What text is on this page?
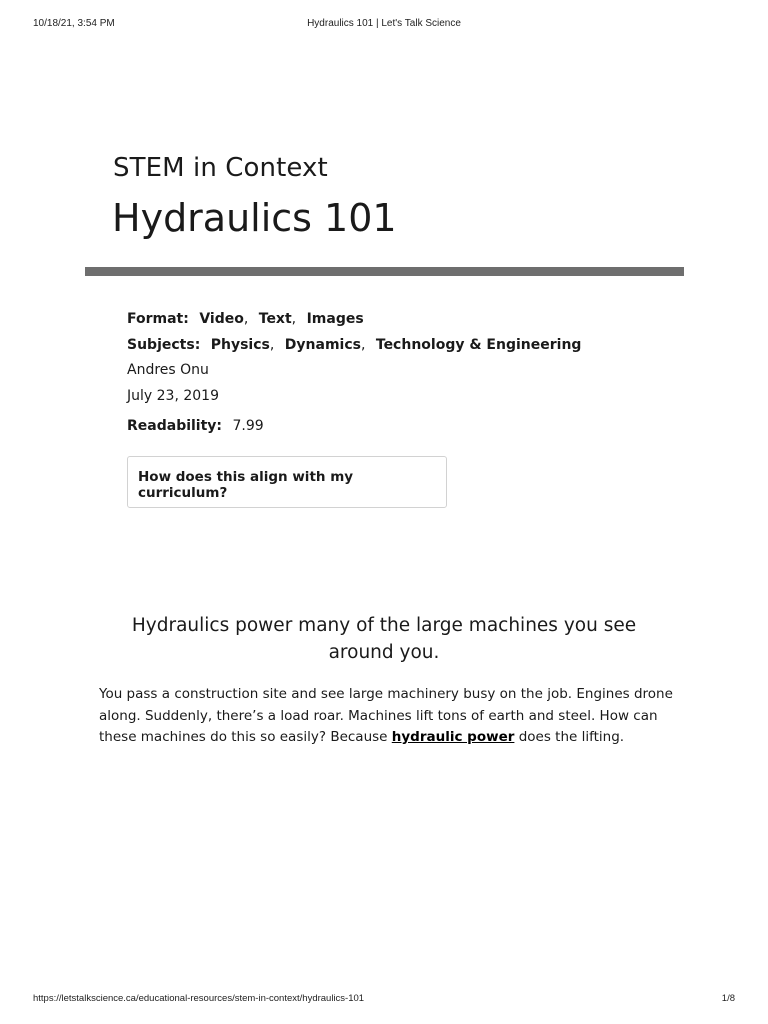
10/18/21, 3:54 PM	Hydraulics 101 | Let's Talk Science
STEM in Context
Hydraulics 101
Format: Video, Text, Images
Subjects: Physics, Dynamics, Technology & Engineering
Andres Onu
July 23, 2019
Readability: 7.99
How does this align with my curriculum?

Hydraulics power many of the large machines you see around you.

You pass a construction site and see large machinery busy on the job. Engines drone along. Suddenly, there’s a load roar. Machines lift tons of earth and steel. How can these machines do this so easily? Because hydraulic power does the lifting.

https://letstalkscience.ca/educational-resources/stem-in-context/hydraulics-101	1/8
